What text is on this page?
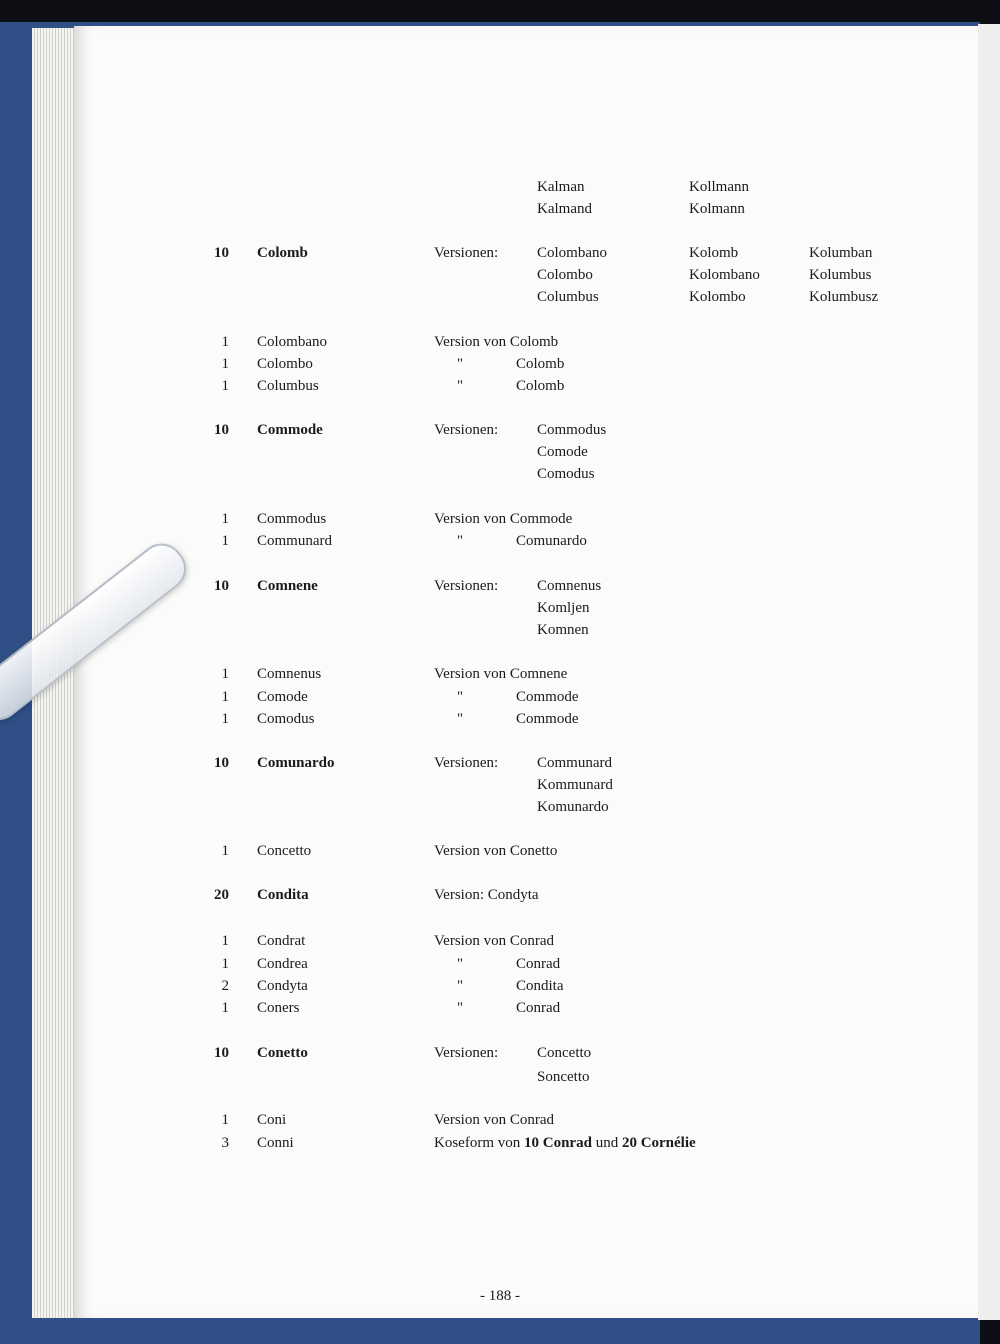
Kalman	Kollmann
Kalmand	Kolmann
10 Colomb	Versionen:	Colombano	Kolomb	Kolumban
Colombo	Kolombano	Kolumbus
Columbus	Kolombo	Kolumbusz
1 Colombano	Version von Colomb
1 Colombo	"	Colomb
1 Columbus	"	Colomb
10 Commode	Versionen:	Commodus
Comode
Comodus
1 Commodus	Version von Commode
1 Communard	"	Comunardo
10 Comnene	Versionen:	Comnenus
Komljen
Komnen
1 Comnenus	Version von Comnene
1 Comode	"	Commode
1 Comodus	"	Commode
10 Comunardo	Versionen:	Communard
Kommunard
Komunardo
1 Concetto	Version von Conetto
20 Condita	Version: Condyta
1 Condrat	Version von Conrad
1 Condrea	"	Conrad
2 Condyta	"	Condita
1 Coners	"	Conrad
10 Conetto	Versionen:	Concetto
Soncetto
1 Coni	Version von Conrad
3 Conni	Koseform von 10 Conrad und 20 Cornélie
- 188 -
